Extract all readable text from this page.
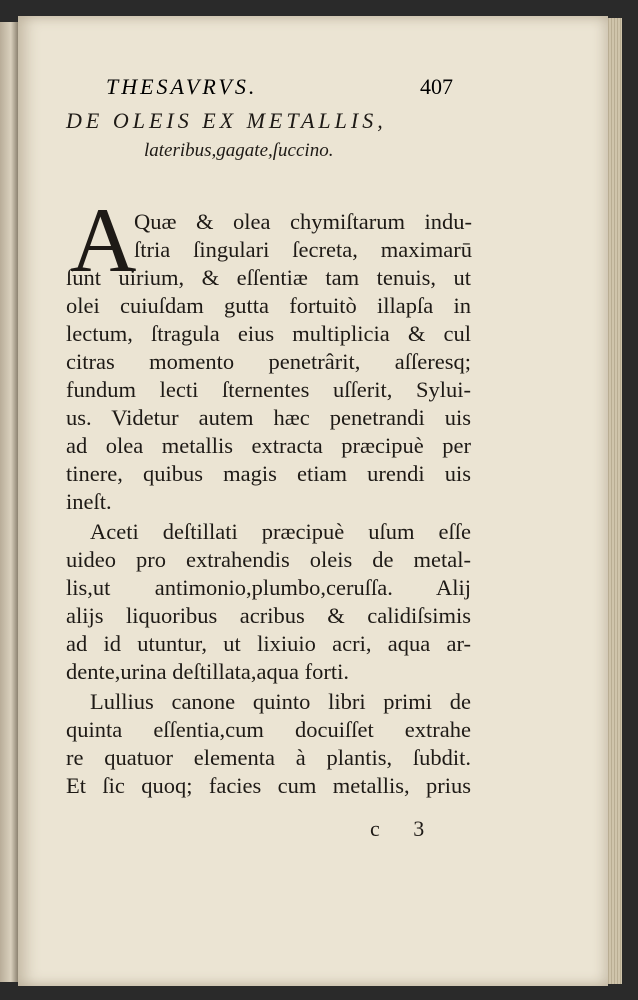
THESAVRVS.	407
DE OLEIS EX METALLIS,
lateribus,gagate,ſuccino.
A
Quæ & olea chymiſtarum indu-
ſtria ſingulari ſecreta, maximarū
ſunt uirium, & eſſentiæ tam tenuis, ut
olei cuiuſdam gutta fortuitò illapſa in
lectum, ſtragula eius multiplicia & cul
citras momento penetrârit, aſſeresq;
fundum lecti ſternentes uſſerit, Sylui-
us. Videtur autem hæc penetrandi uis
ad olea metallis extracta præcipuè per
tinere, quibus magis etiam urendi uis
ineſt.
Aceti deſtillati præcipuè uſum eſſe
uideo pro extrahendis oleis de metal-
lis,ut antimonio,plumbo,ceruſſa. Alij
alijs liquoribus acribus & calidiſsimis
ad id utuntur, ut lixiuio acri, aqua ar-
dente,urina deſtillata,aqua forti.
Lullius canone quinto libri primi de
quinta eſſentia,cum docuiſſet extrahe
re quatuor elementa à plantis, ſubdit.
Et ſic quoq; facies cum metallis, prius
c 3
